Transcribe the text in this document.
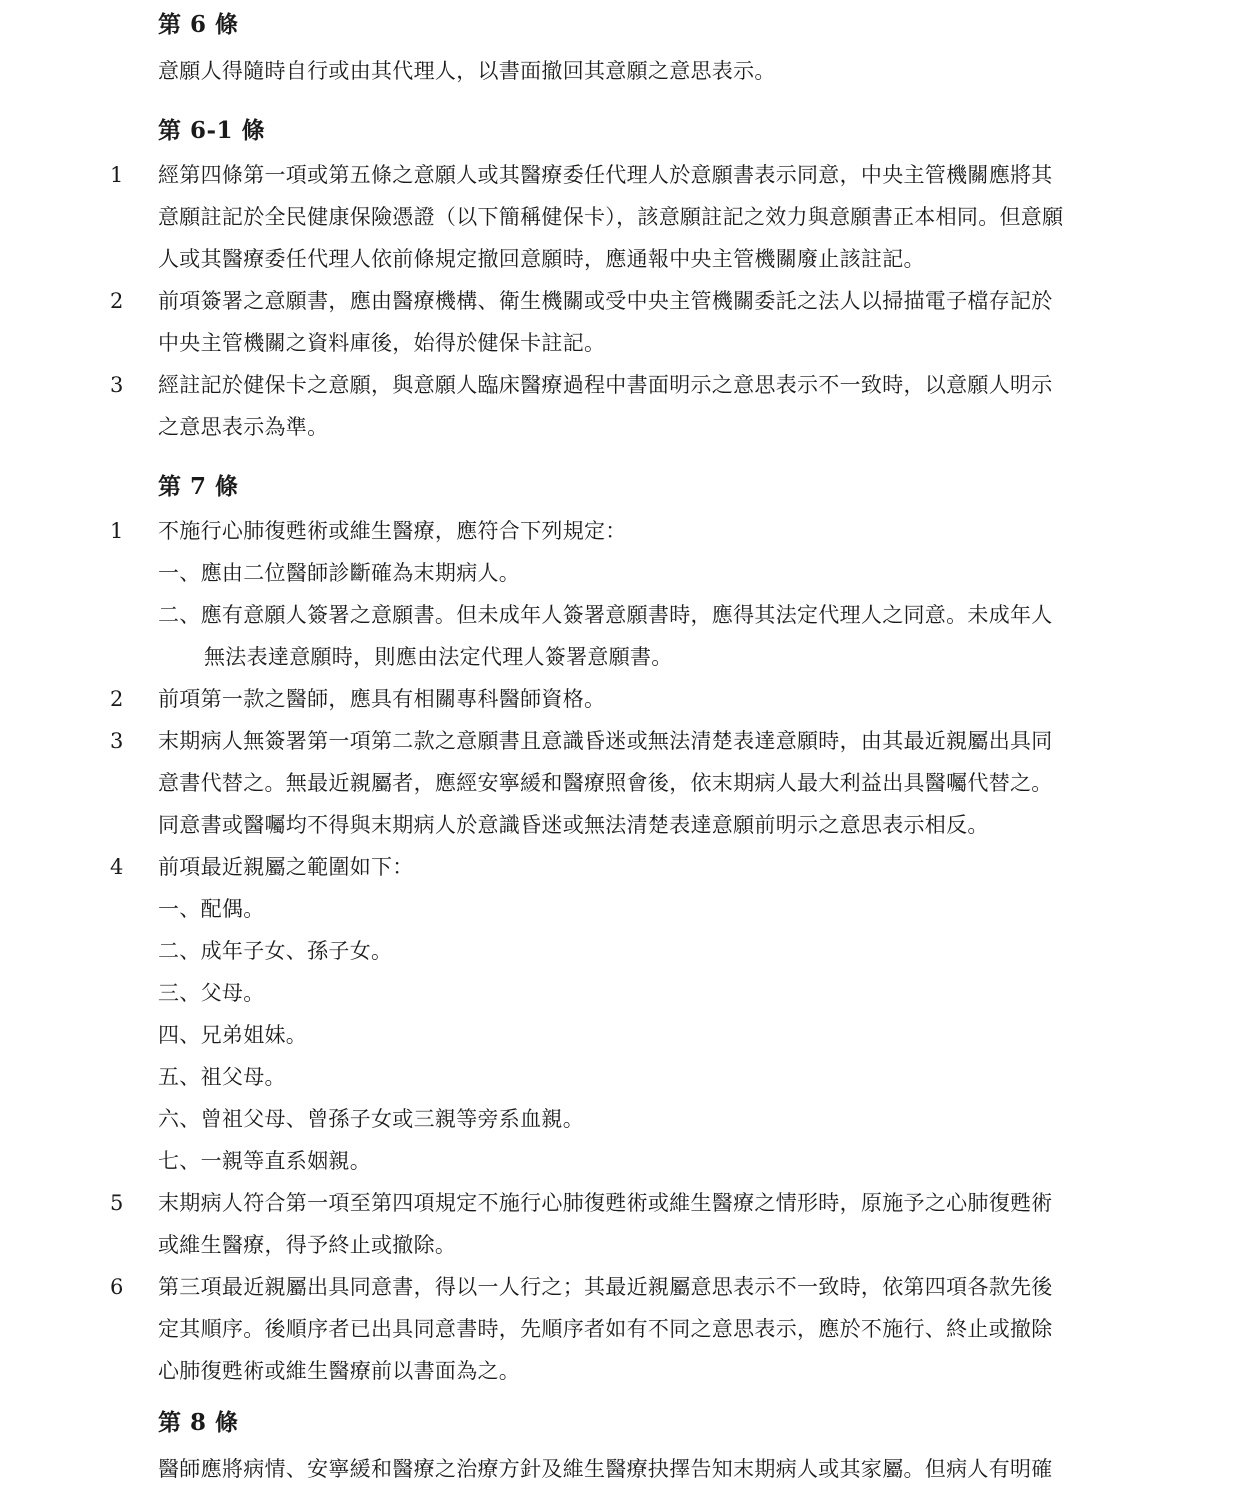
第 6 條
意願人得隨時自行或由其代理人，以書面撤回其意願之意思表示。
第 6-1 條
1	經第四條第一項或第五條之意願人或其醫療委任代理人於意願書表示同意，中央主管機關應將其
意願註記於全民健康保險憑證（以下簡稱健保卡），該意願註記之效力與意願書正本相同。但意願
人或其醫療委任代理人依前條規定撤回意願時，應通報中央主管機關廢止該註記。
2	前項簽署之意願書，應由醫療機構、衛生機關或受中央主管機關委託之法人以掃描電子檔存記於
中央主管機關之資料庫後，始得於健保卡註記。
3	經註記於健保卡之意願，與意願人臨床醫療過程中書面明示之意思表示不一致時，以意願人明示
之意思表示為準。
第 7 條
1	不施行心肺復甦術或維生醫療，應符合下列規定：
一、應由二位醫師診斷確為末期病人。
二、應有意願人簽署之意願書。但未成年人簽署意願書時，應得其法定代理人之同意。未成年人
無法表達意願時，則應由法定代理人簽署意願書。
2	前項第一款之醫師，應具有相關專科醫師資格。
3	末期病人無簽署第一項第二款之意願書且意識昏迷或無法清楚表達意願時，由其最近親屬出具同
意書代替之。無最近親屬者，應經安寧緩和醫療照會後，依末期病人最大利益出具醫囑代替之。
同意書或醫囑均不得與末期病人於意識昏迷或無法清楚表達意願前明示之意思表示相反。
4	前項最近親屬之範圍如下：
一、配偶。
二、成年子女、孫子女。
三、父母。
四、兄弟姐妹。
五、祖父母。
六、曾祖父母、曾孫子女或三親等旁系血親。
七、一親等直系姻親。
5	末期病人符合第一項至第四項規定不施行心肺復甦術或維生醫療之情形時，原施予之心肺復甦術
或維生醫療，得予終止或撤除。
6	第三項最近親屬出具同意書，得以一人行之；其最近親屬意思表示不一致時，依第四項各款先後
定其順序。後順序者已出具同意書時，先順序者如有不同之意思表示，應於不施行、終止或撤除
心肺復甦術或維生醫療前以書面為之。
第 8 條
醫師應將病情、安寧緩和醫療之治療方針及維生醫療抉擇告知末期病人或其家屬。但病人有明確
